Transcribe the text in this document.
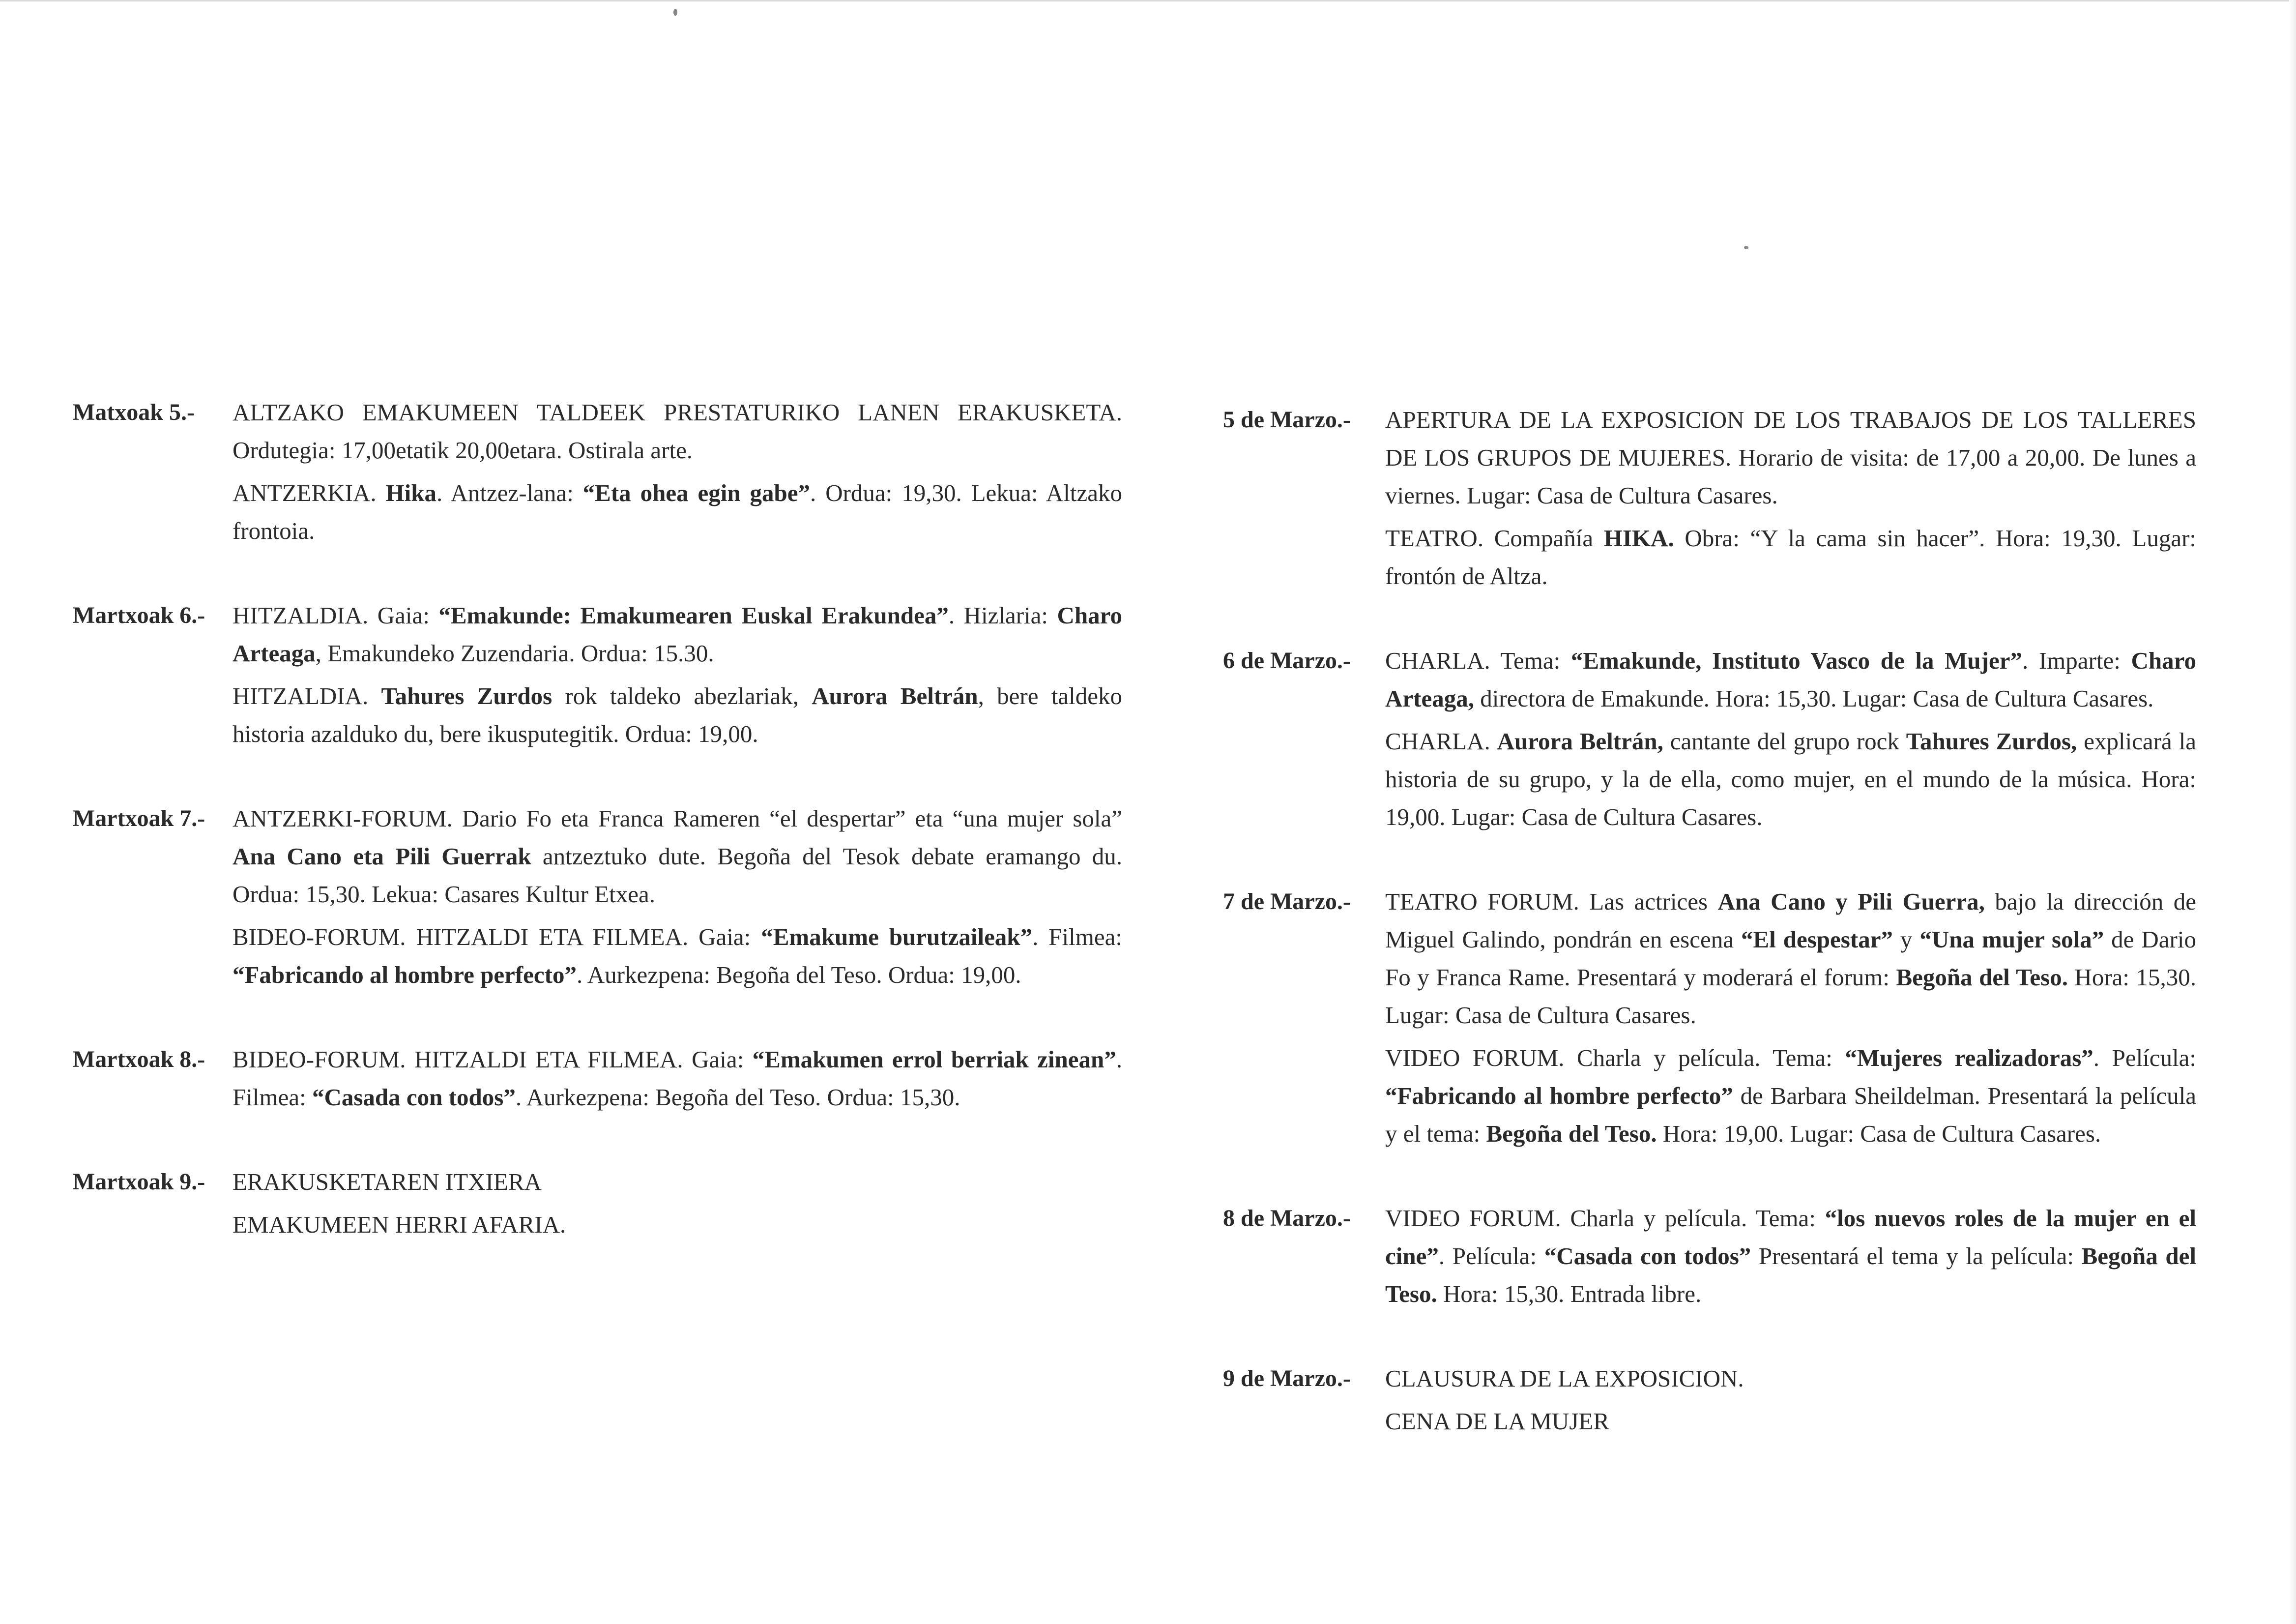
Matxoak 5.-	ALTZAKO EMAKUMEEN TALDEEK PRESTATURIKO LANEN ERAKUSKETA. Ordutegia: 17,00etatik 20,00etara. Ostirala arte.

ANTZERKIA. Hika. Antzez-lana: “Eta ohea egin gabe”. Ordua: 19,30. Lekua: Altzako frontoia.

Martxoak 6.-	HITZALDIA. Gaia: “Emakunde: Emakumearen Euskal Erakundea”. Hizlaria: Charo Arteaga, Emakundeko Zuzendaria. Ordua: 15.30.

HITZALDIA. Tahures Zurdos rok taldeko abezlariak, Aurora Beltrán, bere taldeko historia azalduko du, bere ikusputegitik. Ordua: 19,00.

Martxoak 7.-	ANTZERKI-FORUM. Dario Fo eta Franca Rameren “el despertar” eta “una mujer sola” Ana Cano eta Pili Guerrak antzeztuko dute. Begoña del Tesok debate eramango du. Ordua: 15,30. Lekua: Casares Kultur Etxea.

BIDEO-FORUM. HITZALDI ETA FILMEA. Gaia: “Emakume burutzaileak”. Filmea: “Fabricando al hombre perfecto”. Aurkezpena: Begoña del Teso. Ordua: 19,00.

Martxoak 8.-	BIDEO-FORUM. HITZALDI ETA FILMEA. Gaia: “Emakumen errol berriak zinean”. Filmea: “Casada con todos”. Aurkezpena: Begoña del Teso. Ordua: 15,30.

Martxoak 9.-	ERAKUSKETAREN ITXIERA

EMAKUMEEN HERRI AFARIA.

5 de Marzo.-	APERTURA DE LA EXPOSICION DE LOS TRABAJOS DE LOS TALLERES DE LOS GRUPOS DE MUJERES. Horario de visita: de 17,00 a 20,00. De lunes a viernes. Lugar: Casa de Cultura Casares.

TEATRO. Compañía HIKA. Obra: “Y la cama sin hacer”. Hora: 19,30. Lugar: frontón de Altza.

6 de Marzo.-	CHARLA. Tema: “Emakunde, Instituto Vasco de la Mujer”. Imparte: Charo Arteaga, directora de Emakunde. Hora: 15,30. Lugar: Casa de Cultura Casares.

CHARLA. Aurora Beltrán, cantante del grupo rock Tahures Zurdos, explicará la historia de su grupo, y la de ella, como mujer, en el mundo de la música. Hora: 19,00. Lugar: Casa de Cultura Casares.

7 de Marzo.-	TEATRO FORUM. Las actrices Ana Cano y Pili Guerra, bajo la dirección de Miguel Galindo, pondrán en escena “El despestar” y “Una mujer sola” de Dario Fo y Franca Rame. Presentará y moderará el forum: Begoña del Teso. Hora: 15,30. Lugar: Casa de Cultura Casares.

VIDEO FORUM. Charla y película. Tema: “Mujeres realizadoras”. Película: “Fabricando al hombre perfecto” de Barbara Sheildelman. Presentará la película y el tema: Begoña del Teso. Hora: 19,00. Lugar: Casa de Cultura Casares.

8 de Marzo.-	VIDEO FORUM. Charla y película. Tema: “los nuevos roles de la mujer en el cine”. Película: “Casada con todos” Presentará el tema y la película: Begoña del Teso. Hora: 15,30. Entrada libre.

9 de Marzo.-	CLAUSURA DE LA EXPOSICION.

CENA DE LA MUJER
